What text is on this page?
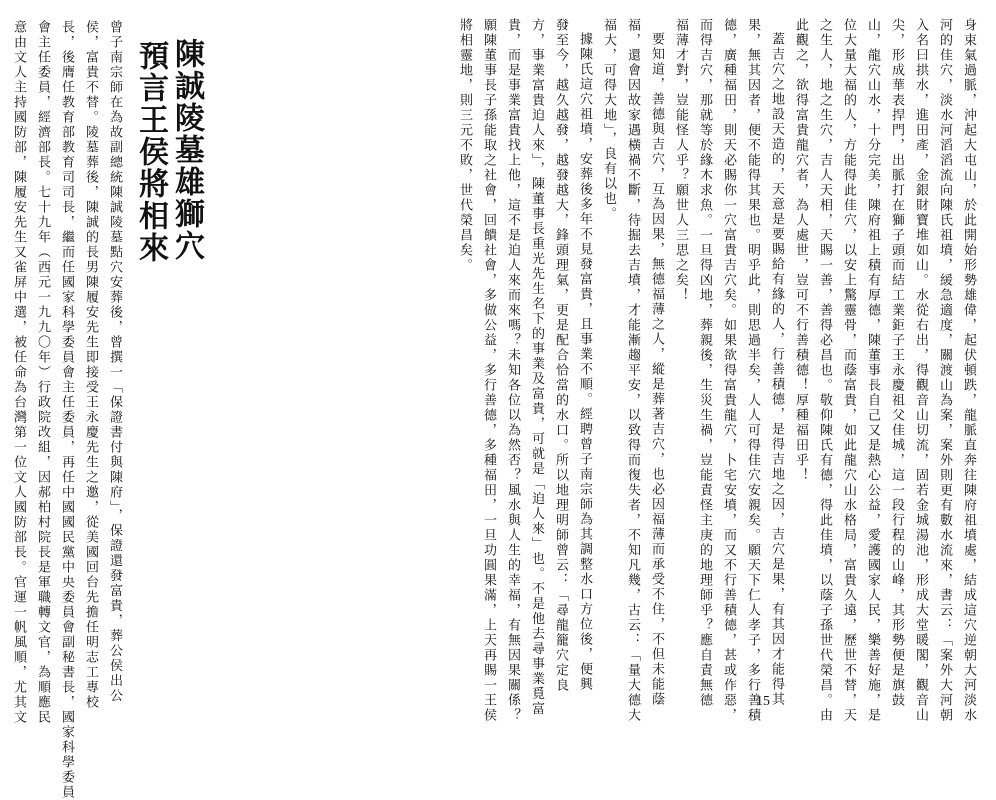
陳誠陵墓雄獅穴
預言王侯將相來
曾子南宗師在為故副總統陳誠陵墓點穴安葬後，曾撰一「保證書付與陳府」，保證還發富貴，葬公侯出公
侯，富貴不替。陵墓葬後，陳誠的長男陳履安先生即接受王永慶先生之邀，從美國回台先擔任明志工專校
長，後膺任教育部教育司司長，繼而任國家科學委員會主任委員，再任中國國民黨中央委員會副秘書長，國家科學委員
會主任委員，經濟部長。七十九年（西元一九九〇年）行政院改組，因郝柏村院長是軍職轉文官，為順應民
意由文人主持國防部，陳履安先生又雀屏中選，被任命為台灣第一位文人國防部長。官運一帆風順，尤其文	身束氣過脈，沖起大屯山，於此開始形勢雄偉，起伏頓跌，龍脈直奔往陳府祖墳處，結成這穴逆朝大河淡水
河的佳穴，淡水河滔滔流向陳氏祖墳，緩急適度，關渡山為案，案外則更有數水流來，書云：「案外大河朝
入名曰拱水，進田產，金銀財寶堆如山。水從右出，得觀音山切流，固若金城湯池，形成大堂暖閣，觀音山
尖，形成華表捍門，出脈打在獅子頭而結工業鉅子王永慶祖父佳城，這一段行程的山峰，其形勢便是旗鼓
山，龍穴山水，十分完美，陳府祖上積有厚德，陳董事長自己又是熱心公益，愛護國家人民，樂善好施，是
位大量大福的人，方能得此佳穴，以安上驚靈骨，而蔭富貴，如此龍穴山水格局，富貴久遠，歷世不替，天
之生人，地之生穴，吉人天相，天賜一善，善得必昌也。敬仰陳氏有德，得此佳墳，以蔭子孫世代榮昌。由
此觀之，欲得富貴龍穴者，為人處世，豈可不行善積德！厚種福田乎！
蓋吉穴之地設天造的，天意是要賜給有緣的人，行善積德，是得吉地之因，吉穴是果，有其因才能得其
果，無其因者，便不能得其果也。明乎此，則思過半矣，人人可得佳穴安親矣。願天下仁人孝子，多行善積
德，廣種福田，則天必賜你一穴富貴吉穴矣。如果欲得富貴龍穴，卜宅安墳，而又不行善積德，甚或作惡，
而得吉穴，那就等於緣木求魚。一旦得凶地，葬親後，生災生禍，豈能責怪主庚的地理師乎？應自責無德
福薄才對，豈能怪人乎？願世人三思之矣！
要知道，善德與吉穴，互為因果，無德福薄之人，縱是葬著吉穴，也必因福薄而承受不住，不但未能蔭
福，還會因故家遇橫禍不斷，待掘去吉墳，才能漸趨平安，以致得而復失者，不知凡幾，古云：「量大德大
福大，可得大地」，良有以也。
據陳氏這穴祖墳，安葬後多年不見發富貴，且事業不順。經聘曾子南宗師為其調整水口方位後，便興
發至今，越久越發，越發越大，鋒頭理氣，更是配合恰當的水口。所以地理明師曾云：「尋龍籠穴定良
方，事業富貴迫人來」，陳董事長重光先生名下的事業及富貴，可就是「迫人來」也。不是他去尋事業覓富
貴，而是事業富貴找上他，這不是迫人來而來嗎？未知各位以為然否？風水與人生的幸福，有無因果關係？
願陳董事長子孫能取之社會，回饋社會，多做公益，多行善德，多種福田，一旦功圓果滿，上天再賜一王侯
將相靈地，則三元不敗，世代榮昌矣。
15
